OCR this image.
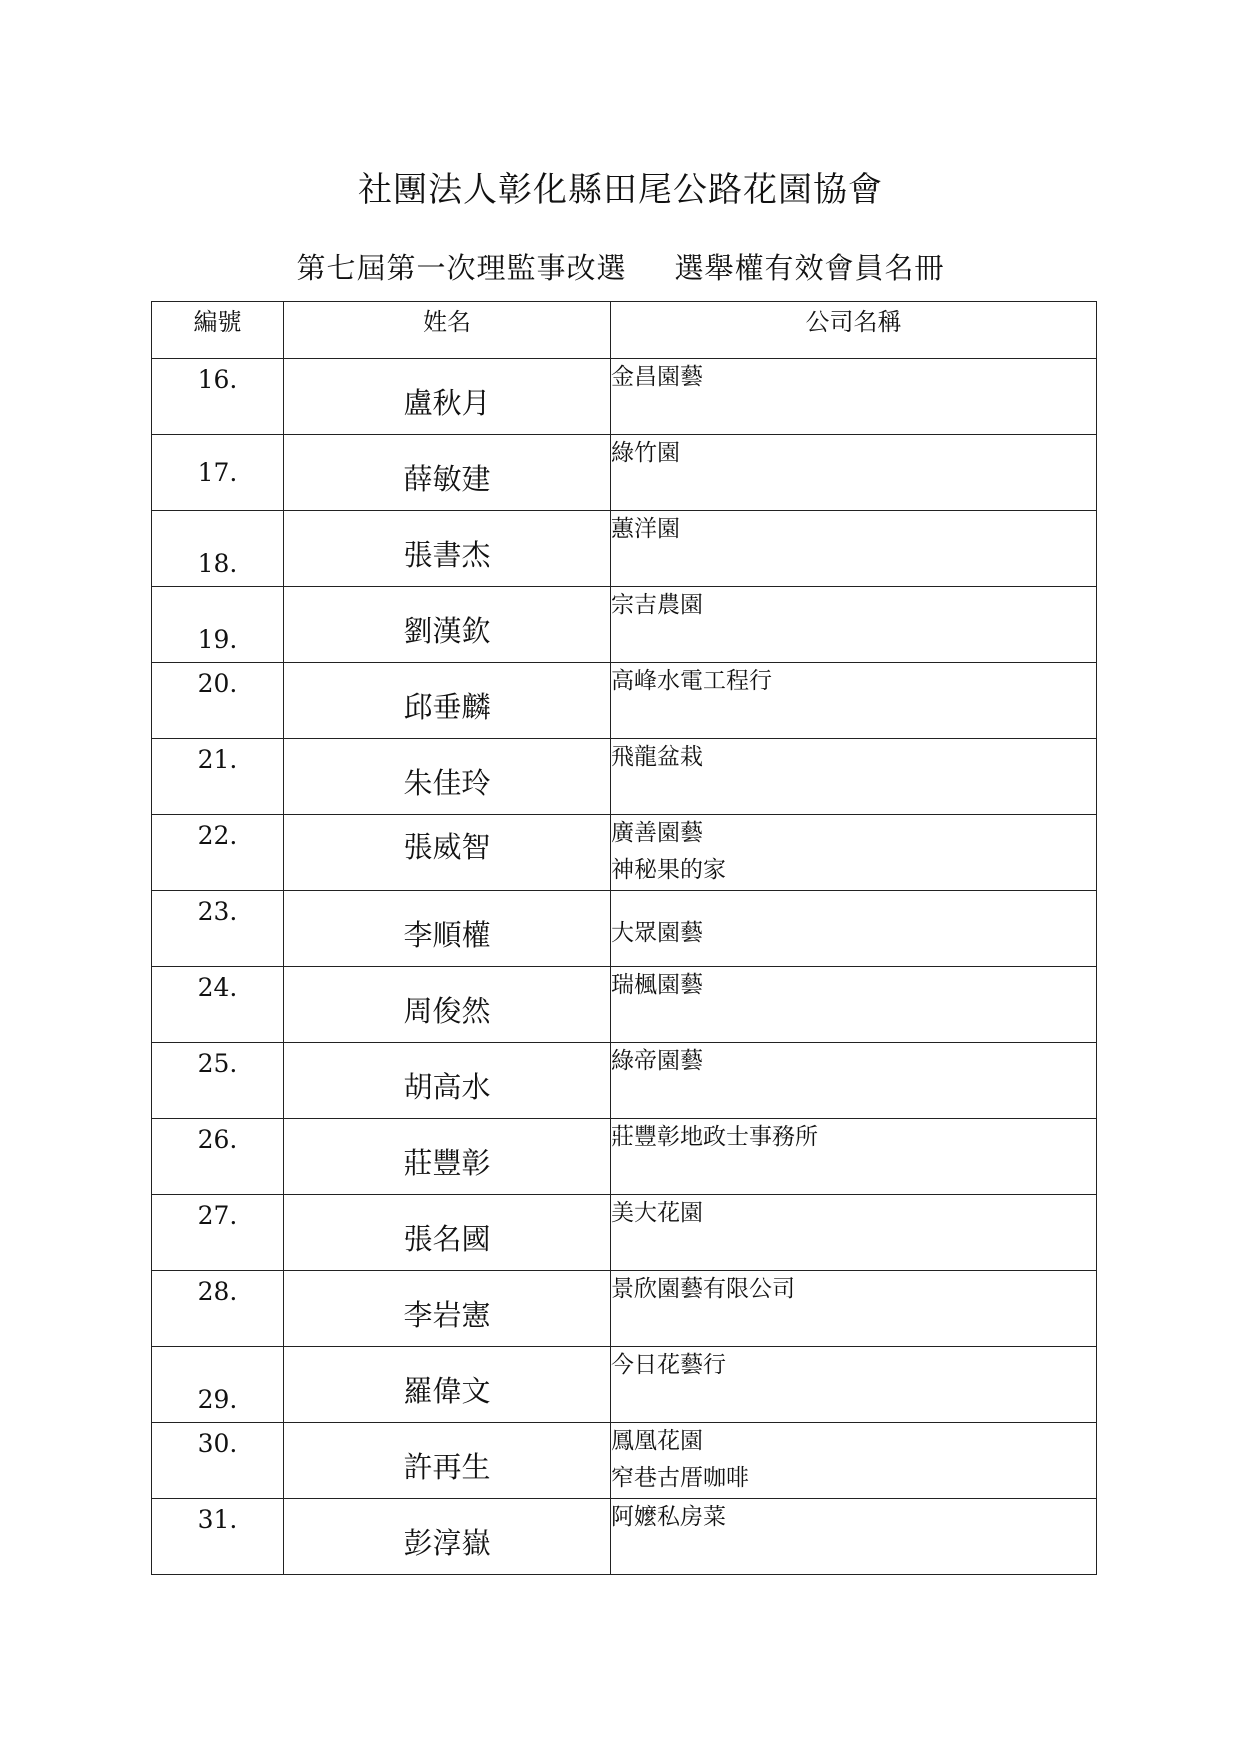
社團法人彰化縣田尾公路花園協會
第七屆第一次理監事改選 選舉權有效會員名冊
編號	姓名	公司名稱
16.	盧秋月	金昌園藝

17.	薛敏建	綠竹園

18.	張書杰	蕙洋園

19.	劉漢欽	宗吉農園

20.	邱垂麟	高峰水電工程行

21.	朱佳玲	飛龍盆栽

22.	張威智	廣善園藝
神秘果的家

23.	李順權	大眾園藝

24.	周俊然	瑞楓園藝

25.	胡高水	綠帝園藝

26.	莊豐彰	莊豐彰地政士事務所

27.	張名國	美大花園

28.	李岩憲	景欣園藝有限公司

29.	羅偉文	今日花藝行

30.	許再生	鳳凰花園
窄巷古厝咖啡

31.	彭淳嶽	阿嬤私房菜
